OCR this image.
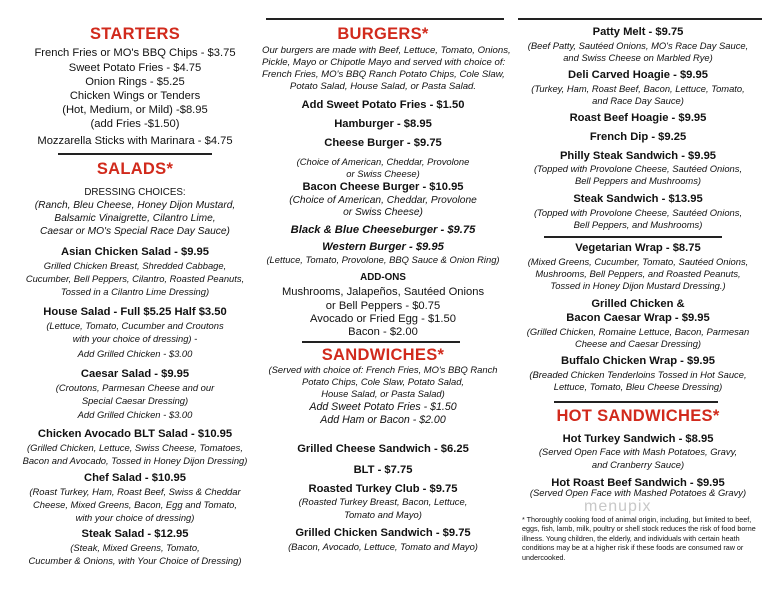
STARTERS
French Fries or MO's BBQ Chips - $3.75
Sweet Potato Fries - $4.75
Onion Rings - $5.25
Chicken Wings or Tenders
(Hot, Medium, or Mild) -$8.95
(add Fries -$1.50)
Mozzarella Sticks with Marinara - $4.75
SALADS*
DRESSING CHOICES:
(Ranch, Bleu Cheese, Honey Dijon Mustard,
Balsamic Vinaigrette, Cilantro Lime,
Caesar or MO's Special Race Day Sauce)
Asian Chicken Salad - $9.95
Grilled Chicken Breast, Shredded Cabbage,
Cucumber, Bell Peppers, Cilantro, Roasted Peanuts,
Tossed in a Cilantro Lime Dressing)
House Salad - Full $5.25 Half $3.50
(Lettuce, Tomato, Cucumber and Croutons
with your choice of dressing) -
Add Grilled Chicken - $3.00
Caesar Salad - $9.95
(Croutons, Parmesan Cheese and our
Special Caesar Dressing)
Add Grilled Chicken - $3.00
Chicken Avocado BLT Salad - $10.95
(Grilled Chicken, Lettuce, Swiss Cheese, Tomatoes,
Bacon and Avocado, Tossed in Honey Dijon Dressing)
Chef Salad - $10.95
(Roast Turkey, Ham, Roast Beef, Swiss & Cheddar
Cheese, Mixed Greens, Bacon, Egg and Tomato,
with your choice of dressing)
Steak Salad - $12.95
(Steak, Mixed Greens, Tomato,
Cucumber & Onions, with Your Choice of Dressing)
BURGERS*
Our burgers are made with Beef, Lettuce, Tomato, Onions,
Pickle, Mayo or Chipotle Mayo and served with choice of:
French Fries, MO's BBQ Ranch Potato Chips, Cole Slaw,
Potato Salad, House Salad, or Pasta Salad.
Add Sweet Potato Fries - $1.50
Hamburger - $8.95
Cheese Burger - $9.75
(Choice of American, Cheddar, Provolone
or Swiss Cheese)
Bacon Cheese Burger - $10.95
(Choice of American, Cheddar, Provolone
or Swiss Cheese)
Black & Blue Cheeseburger - $9.75
Western Burger - $9.95
(Lettuce, Tomato, Provolone, BBQ Sauce & Onion Ring)
ADD-ONS
Mushrooms, Jalapeños, Sautéed Onions
or Bell Peppers - $0.75
Avocado or Fried Egg - $1.50
Bacon - $2.00
SANDWICHES*
(Served with choice of: French Fries, MO's BBQ Ranch
Potato Chips, Cole Slaw, Potato Salad,
House Salad, or Pasta Salad)
Add Sweet Potato Fries - $1.50
Add Ham or Bacon - $2.00
Grilled Cheese Sandwich - $6.25
BLT - $7.75
Roasted Turkey Club - $9.75
(Roasted Turkey Breast, Bacon, Lettuce,
Tomato and Mayo)
Grilled Chicken Sandwich - $9.75
(Bacon, Avocado, Lettuce, Tomato and Mayo)
Patty Melt - $9.75
(Beef Patty, Sautéed Onions, MO's Race Day Sauce,
and Swiss Cheese on Marbled Rye)
Deli Carved Hoagie - $9.95
(Turkey, Ham, Roast Beef, Bacon, Lettuce, Tomato,
and Race Day Sauce)
Roast Beef Hoagie - $9.95
French Dip - $9.25
Philly Steak Sandwich - $9.95
(Topped with Provolone Cheese, Sautéed Onions,
Bell Peppers and Mushrooms)
Steak Sandwich - $13.95
(Topped with Provolone Cheese, Sautéed Onions,
Bell Peppers, and Mushrooms)
Vegetarian Wrap - $8.75
(Mixed Greens, Cucumber, Tomato, Sautéed Onions,
Mushrooms, Bell Peppers, and Roasted Peanuts,
Tossed in Honey Dijon Mustard Dressing.)
Grilled Chicken &
Bacon Caesar Wrap - $9.95
(Grilled Chicken, Romaine Lettuce, Bacon, Parmesan
Cheese and Caesar Dressing)
Buffalo Chicken Wrap - $9.95
(Breaded Chicken Tenderloins Tossed in Hot Sauce,
Lettuce, Tomato, Bleu Cheese Dressing)
HOT SANDWICHES*
Hot Turkey Sandwich - $8.95
(Served Open Face with Mash Potatoes, Gravy,
and Cranberry Sauce)
Hot Roast Beef Sandwich - $9.95
(Served Open Face with Mashed Potatoes & Gravy)
menupix
* Thoroughly cooking food of animal origin, including, but limited to beef, eggs, fish, lamb, milk, poultry or shell stock reduces the risk of food borne illness. Young children, the elderly, and individuals with certain heath conditions may be at a higher risk if these foods are consumed raw or undercooked.
